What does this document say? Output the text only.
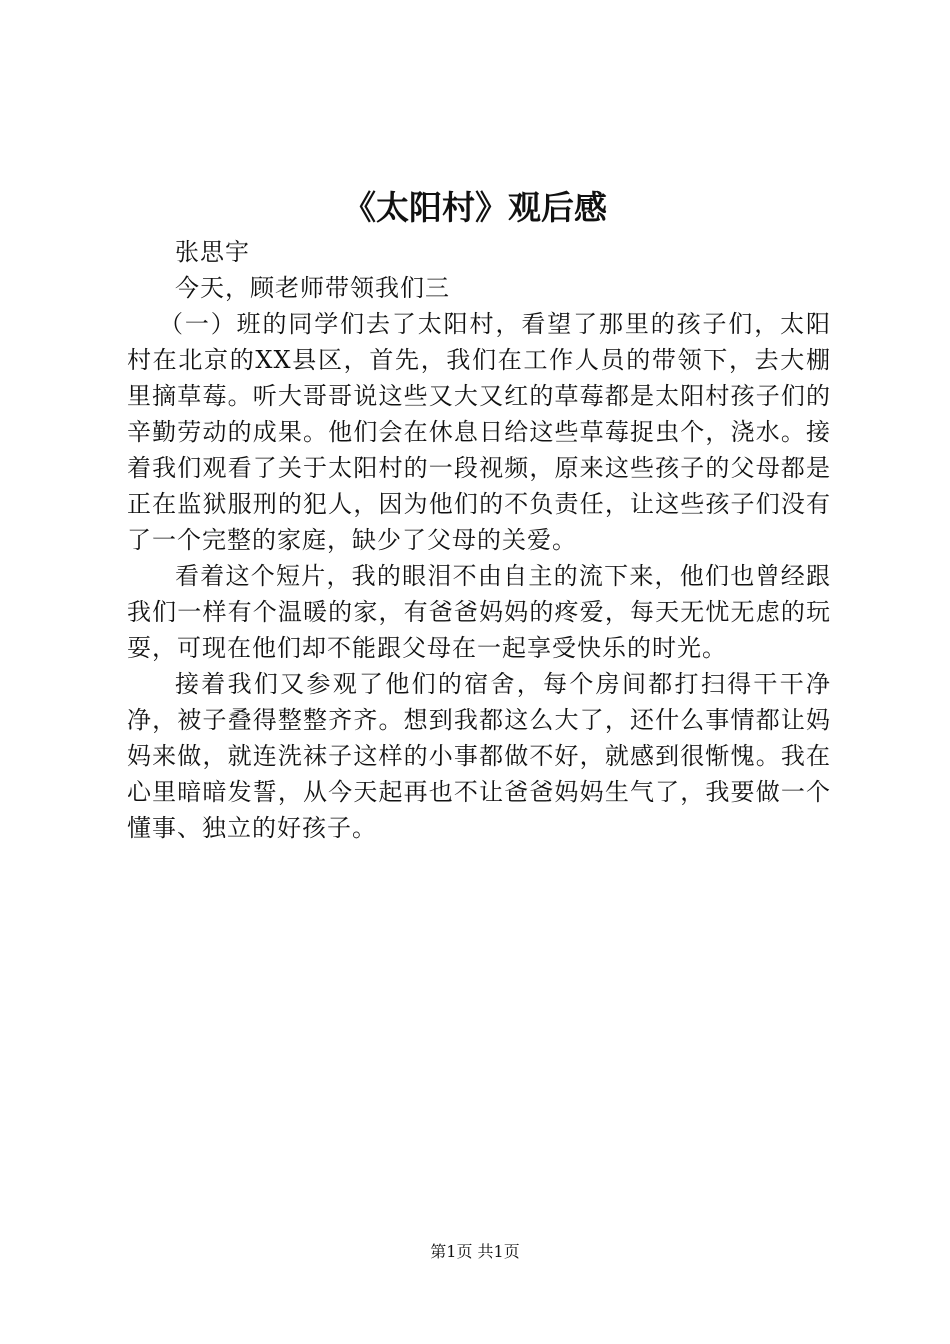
《太阳村》观后感

张思宇

今天，顾老师带领我们三

（一）班的同学们去了太阳村，看望了那里的孩子们，太阳村在北京的XX县区，首先，我们在工作人员的带领下，去大棚里摘草莓。听大哥哥说这些又大又红的草莓都是太阳村孩子们的辛勤劳动的成果。他们会在休息日给这些草莓捉虫个，浇水。接着我们观看了关于太阳村的一段视频，原来这些孩子的父母都是正在监狱服刑的犯人，因为他们的不负责任，让这些孩子们没有了一个完整的家庭，缺少了父母的关爱。

看着这个短片，我的眼泪不由自主的流下来，他们也曾经跟我们一样有个温暖的家，有爸爸妈妈的疼爱，每天无忧无虑的玩耍，可现在他们却不能跟父母在一起享受快乐的时光。

接着我们又参观了他们的宿舍，每个房间都打扫得干干净净，被子叠得整整齐齐。想到我都这么大了，还什么事情都让妈妈来做，就连洗袜子这样的小事都做不好，就感到很惭愧。我在心里暗暗发誓，从今天起再也不让爸爸妈妈生气了，我要做一个懂事、独立的好孩子。

第1页 共1页
